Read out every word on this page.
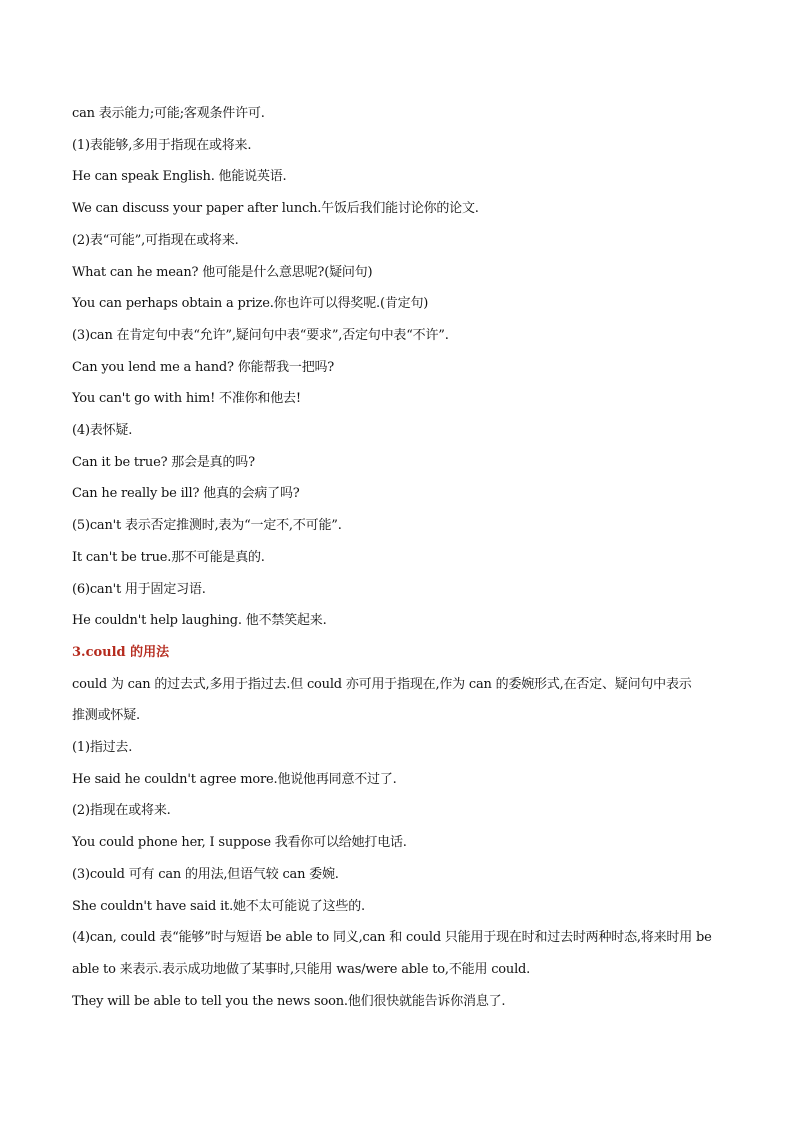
can 表示能力;可能;客观条件许可.
(1)表能够,多用于指现在或将来.
He can speak English. 他能说英语.
We can discuss your paper after lunch.午饭后我们能讨论你的论文.
(2)表“可能”,可指现在或将来.
What can he mean? 他可能是什么意思呢?(疑问句)
You can perhaps obtain a prize.你也许可以得奖呢.(肯定句)
(3)can 在肯定句中表“允许”,疑问句中表“要求”,否定句中表“不许”.
Can you lend me a hand? 你能帮我一把吗?
You can't go with him! 不准你和他去!
(4)表怀疑.
Can it be true? 那会是真的吗?
Can he really be ill? 他真的会病了吗?
(5)can't 表示否定推测时,表为“一定不,不可能”.
It can't be true.那不可能是真的.
(6)can't 用于固定习语.
He couldn't help laughing. 他不禁笑起来.
3.could 的用法
could 为 can 的过去式,多用于指过去.但 could 亦可用于指现在,作为 can 的委婉形式,在否定、疑问句中表示
推测或怀疑.
(1)指过去.
He said he couldn't agree more.他说他再同意不过了.
(2)指现在或将来.
You could phone her, I suppose 我看你可以给她打电话.
(3)could 可有 can 的用法,但语气较 can 委婉.
She couldn't have said it.她不太可能说了这些的.
(4)can, could 表“能够”时与短语 be able to 同义,can 和 could 只能用于现在时和过去时两种时态,将来时用 be
able to 来表示.表示成功地做了某事时,只能用 was/were able to,不能用 could.
They will be able to tell you the news soon.他们很快就能告诉你消息了.
